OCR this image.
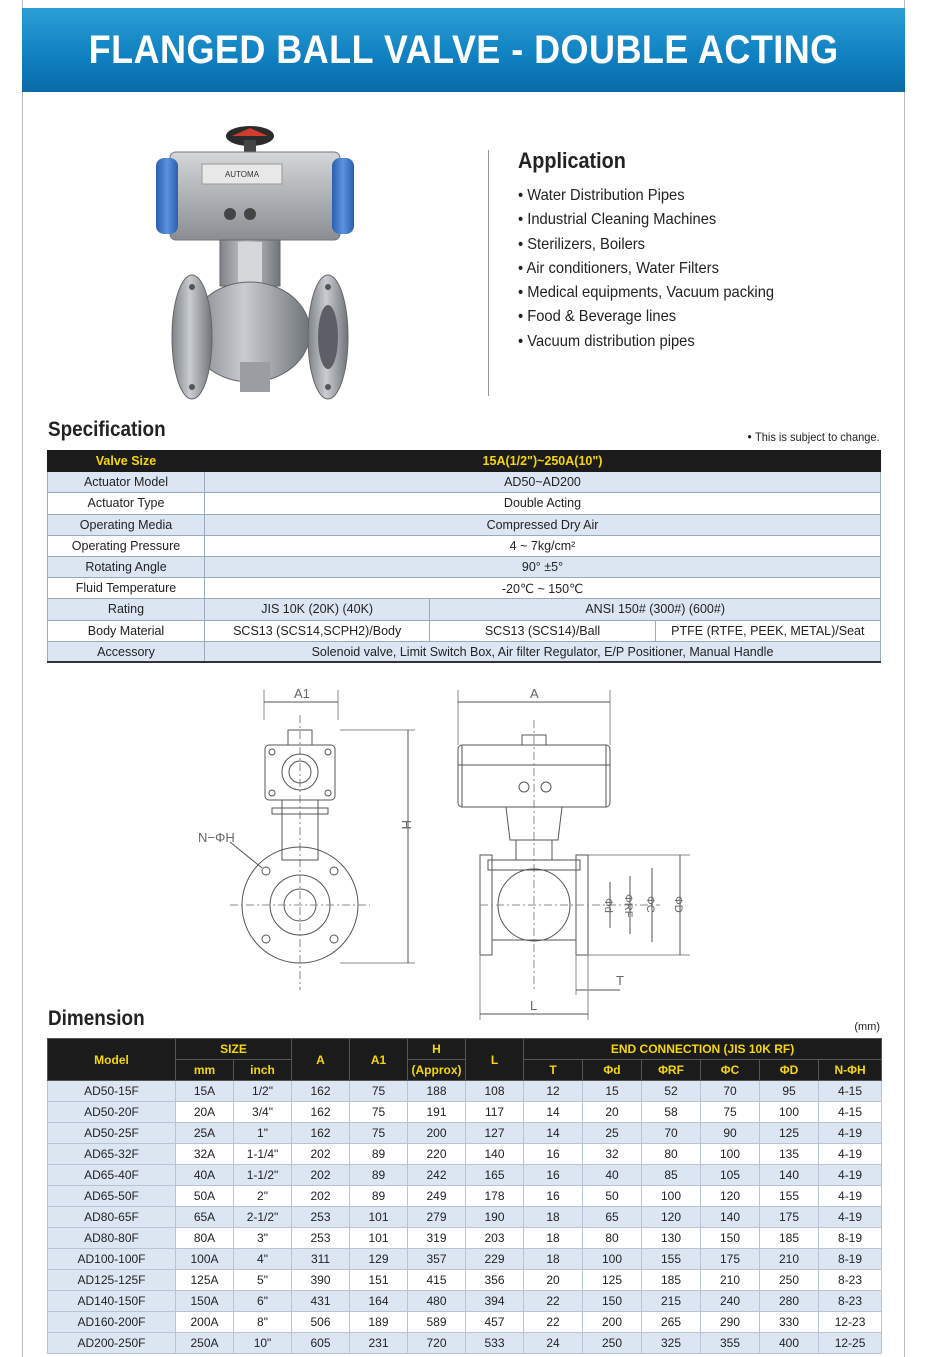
FLANGED BALL VALVE - DOUBLE ACTING
AUTOMA
Application
• Water Distribution Pipes
• Industrial Cleaning Machines
• Sterilizers, Boilers
• Air conditioners, Water Filters
• Medical equipments, Vacuum packing
• Food & Beverage lines
• Vacuum distribution pipes
Specification	• This is subject to change.
Valve Size	15A(1/2")~250A(10")		
Actuator Model	AD50~AD200		
Actuator Type	Double Acting		
Operating Media	Compressed Dry Air		
Operating Pressure	4 ~ 7kg/cm²		
Rotating Angle	90° ±5°		
Fluid Temperature	-20℃ ~ 150℃		
Rating	JIS 10K (20K) (40K)	ANSI 150# (300#) (600#)	
Body Material	SCS13 (SCS14,SCPH2)/Body	SCS13 (SCS14)/Ball	PTFE (RTFE, PEEK, METAL)/Seat
Accessory	Solenoid valve, Limit Switch Box, Air filter Regulator, E/P Positioner, Manual Handle		
A1
N−ΦH
H
A
Φd ΦRF ΦC ΦD
T
L
Dimension	(mm)
Model	SIZE		A	A1	H	L	END CONNECTION (JIS 10K RF)					
	mm	inch			(Approx)		T	Φd	ΦRF	ΦC	ΦD	N-ΦH
AD50-15F	15A	1/2"	162	75	188	108	12	15	52	70	95	4-15
AD50-20F	20A	3/4"	162	75	191	117	14	20	58	75	100	4-15
AD50-25F	25A	1"	162	75	200	127	14	25	70	90	125	4-19
AD65-32F	32A	1-1/4"	202	89	220	140	16	32	80	100	135	4-19
AD65-40F	40A	1-1/2"	202	89	242	165	16	40	85	105	140	4-19
AD65-50F	50A	2"	202	89	249	178	16	50	100	120	155	4-19
AD80-65F	65A	2-1/2"	253	101	279	190	18	65	120	140	175	4-19
AD80-80F	80A	3"	253	101	319	203	18	80	130	150	185	8-19
AD100-100F	100A	4"	311	129	357	229	18	100	155	175	210	8-19
AD125-125F	125A	5"	390	151	415	356	20	125	185	210	250	8-23
AD140-150F	150A	6"	431	164	480	394	22	150	215	240	280	8-23
AD160-200F	200A	8"	506	189	589	457	22	200	265	290	330	12-23
AD200-250F	250A	10"	605	231	720	533	24	250	325	355	400	12-25
